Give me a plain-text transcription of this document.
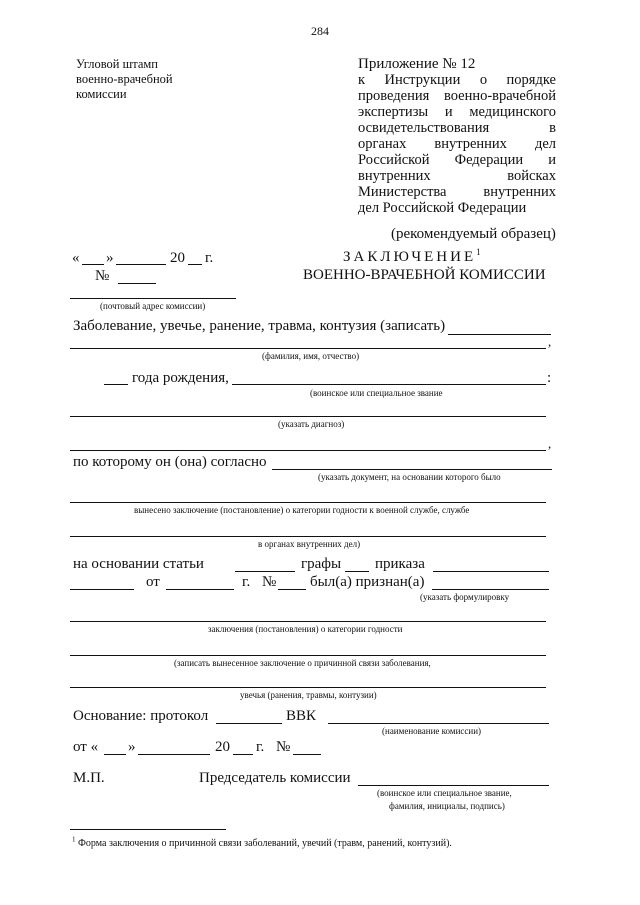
284
Угловой штамп
военно-врачебной
комиссии
Приложение № 12
к Инструкции о порядке
проведения военно-врачебной
экспертизы и медицинского
освидетельствования	в
органах внутренних дел
Российской Федерации и
внутренних	войсках
Министерства	внутренних
дел Российской Федерации
(рекомендуемый образец)
« »	20 г.
№
ЗАКЛЮЧЕНИЕ$^1$
ВОЕННО-ВРАЧЕБНОЙ КОМИССИИ
(почтовый адрес комиссии)
Заболевание, увечье, ранение, травма, контузия (записать)
,
(фамилия, имя, отчество)
года рождения,	:
(воинское или специальное звание
(указать диагноз)
,
по которому он (она) согласно
(указать документ, на основании которого было
вынесено заключение (постановление) о категории годности к военной службе, службе
в органах внутренних дел)
на основании статьи	графы приказа
от	г. № был(а) признан(а)
(указать формулировку
заключения (постановления) о категории годности
(записать вынесенное заключение о причинной связи заболевания,
увечья (ранения, травмы, контузии)
Основание: протокол	ВВК
(наименование комиссии)
от « »	20 г. №
М.П.	Председатель комиссии
(воинское или специальное звание,
фамилия, инициалы, подпись)
$^1$ Форма заключения о причинной связи заболеваний, увечий (травм, ранений, контузий).
